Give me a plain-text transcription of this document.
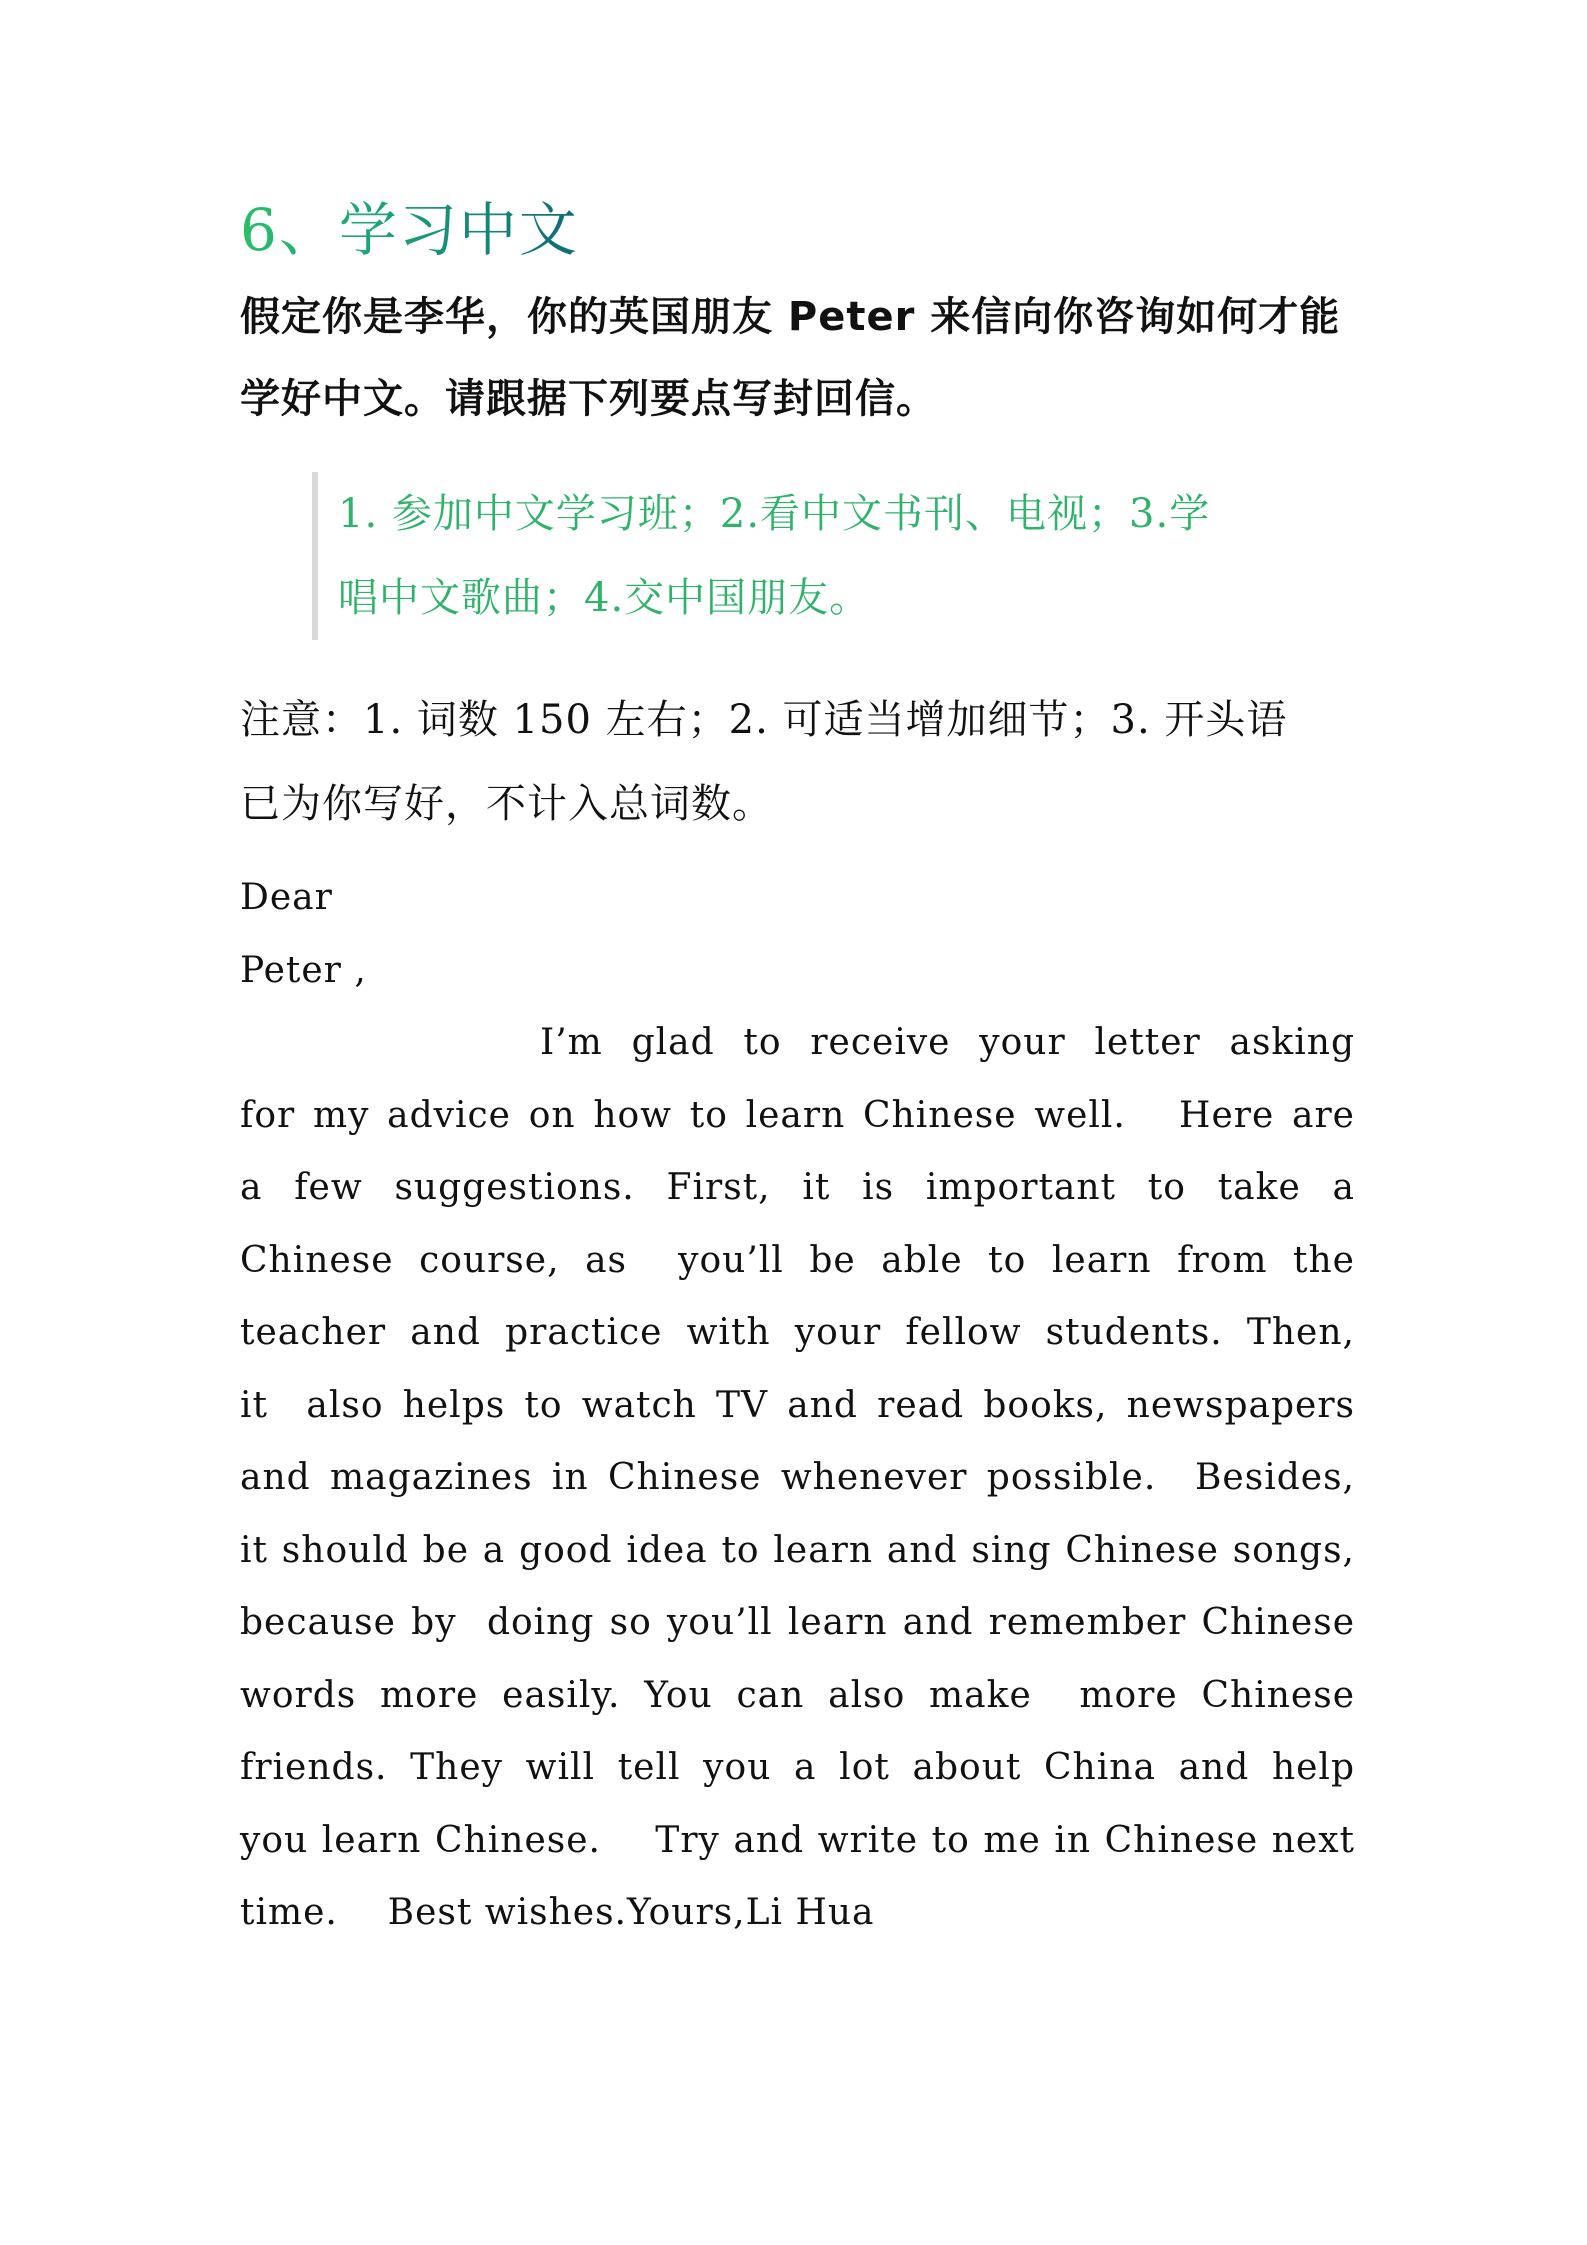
6、学习中文
假定你是李华，你的英国朋友 Peter 来信向你咨询如何才能
学好中文。请跟据下列要点写封回信。
1. 参加中文学习班；2.看中文书刊、电视；3.学
唱中文歌曲；4.交中国朋友。
注意：1. 词数 150 左右；2. 可适当增加细节；3. 开头语
已为你写好，不计入总词数。
Dear
Peter ,
I’m glad to receive your letter asking
for my advice on how to learn Chinese well.   Here are
a few suggestions. First, it is important to take a
Chinese course, as  you’ll be able to learn from the
teacher and practice with your fellow students. Then,
it  also helps to watch TV and read books, newspapers
and magazines in Chinese whenever possible.  Besides,
it should be a good idea to learn and sing Chinese songs,
because by  doing so you’ll learn and remember Chinese
words more easily. You can also make  more Chinese
friends. They will tell you a lot about China and help
you learn Chinese.    Try and write to me in Chinese next
time.    Best wishes.Yours,Li Hua
